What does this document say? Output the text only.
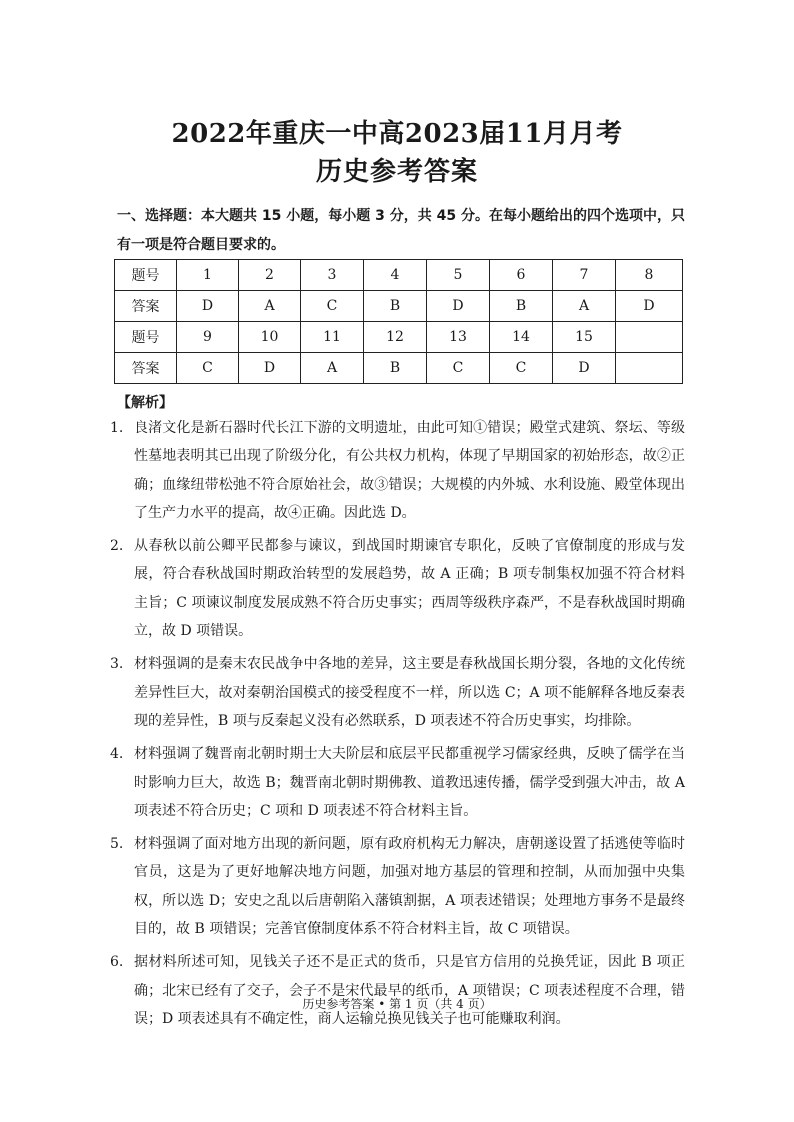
2022年重庆一中高2023届11月月考
历史参考答案
一、选择题：本大题共 15 小题，每小题 3 分，共 45 分。在每小题给出的四个选项中，只有一项是符合题目要求的。
题号	1	2	3	4	5	6	7	8
答案	D	A	C	B	D	B	A	D
题号	9	10	11	12	13	14	15	
答案	C	D	A	B	C	C	D	
【解析】
1. 良渚文化是新石器时代长江下游的文明遗址，由此可知①错误；殿堂式建筑、祭坛、等级性墓地表明其已出现了阶级分化，有公共权力机构，体现了早期国家的初始形态，故②正确；血缘纽带松弛不符合原始社会，故③错误；大规模的内外城、水利设施、殿堂体现出了生产力水平的提高，故④正确。因此选 D。
2. 从春秋以前公卿平民都参与谏议，到战国时期谏官专职化，反映了官僚制度的形成与发展，符合春秋战国时期政治转型的发展趋势，故 A 正确；B 项专制集权加强不符合材料主旨；C 项谏议制度发展成熟不符合历史事实；西周等级秩序森严，不是春秋战国时期确立，故 D 项错误。
3. 材料强调的是秦末农民战争中各地的差异，这主要是春秋战国长期分裂，各地的文化传统差异性巨大，故对秦朝治国模式的接受程度不一样，所以选 C；A 项不能解释各地反秦表现的差异性，B 项与反秦起义没有必然联系，D 项表述不符合历史事实，均排除。
4. 材料强调了魏晋南北朝时期士大夫阶层和底层平民都重视学习儒家经典，反映了儒学在当时影响力巨大，故选 B；魏晋南北朝时期佛教、道教迅速传播，儒学受到强大冲击，故 A 项表述不符合历史；C 项和 D 项表述不符合材料主旨。
5. 材料强调了面对地方出现的新问题，原有政府机构无力解决，唐朝遂设置了括逃使等临时官员，这是为了更好地解决地方问题，加强对地方基层的管理和控制，从而加强中央集权，所以选 D；安史之乱以后唐朝陷入藩镇割据，A 项表述错误；处理地方事务不是最终目的，故 B 项错误；完善官僚制度体系不符合材料主旨，故 C 项错误。
6. 据材料所述可知，见钱关子还不是正式的货币，只是官方信用的兑换凭证，因此 B 项正确；北宋已经有了交子，会子不是宋代最早的纸币，A 项错误；C 项表述程度不合理，错误；D 项表述具有不确定性，商人运输兑换见钱关子也可能赚取利润。
历史参考答案 • 第 1 页（共 4 页）
